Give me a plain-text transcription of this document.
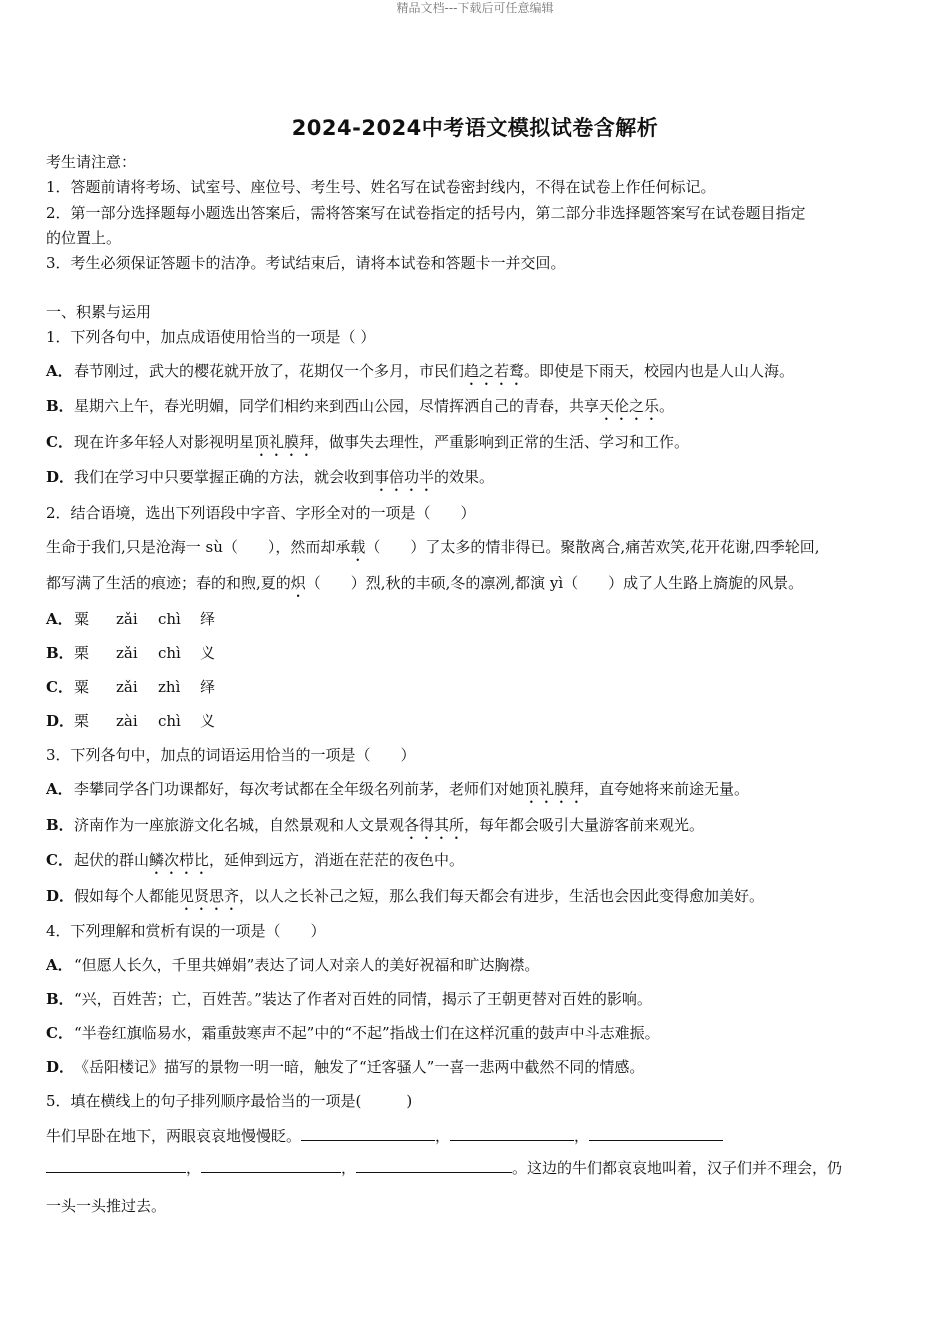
精品文档---下载后可任意编辑
2024-2024中考语文模拟试卷含解析
考生请注意：
1．答题前请将考场、试室号、座位号、考生号、姓名写在试卷密封线内，不得在试卷上作任何标记。
2．第一部分选择题每小题选出答案后，需将答案写在试卷指定的括号内，第二部分非选择题答案写在试卷题目指定
的位置上。
3．考生必须保证答题卡的洁净。考试结束后，请将本试卷和答题卡一并交回。
一、积累与运用
1．下列各句中，加点成语使用恰当的一项是（ ）
A．春节刚过，武大的樱花就开放了，花期仅一个多月，市民们趋之若鹜。即使是下雨天，校园内也是人山人海。
B．星期六上午，春光明媚，同学们相约来到西山公园，尽情挥洒自己的青春，共享天伦之乐。
C．现在许多年轻人对影视明星顶礼膜拜，做事失去理性，严重影响到正常的生活、学习和工作。
D．我们在学习中只要掌握正确的方法，就会收到事倍功半的效果。
2．结合语境，选出下列语段中字音、字形全对的一项是（　　）
生命于我们,只是沧海一 sù（　　），然而却承载（　　）了太多的情非得已。聚散离合,痛苦欢笑,花开花谢,四季轮回,
都写满了生活的痕迹；春的和煦,夏的炽（　　）烈,秋的丰硕,冬的凛冽,都演 yì（　　）成了人生路上旖旎的风景。
A．粟 zǎi chì 绎
B．栗 zǎi chì 义
C．粟 zǎi zhì 绎
D．栗 zài chì 义
3．下列各句中，加点的词语运用恰当的一项是（　　）
A．李攀同学各门功课都好，每次考试都在全年级名列前茅，老师们对她顶礼膜拜，直夸她将来前途无量。
B．济南作为一座旅游文化名城，自然景观和人文景观各得其所，每年都会吸引大量游客前来观光。
C．起伏的群山鳞次栉比，延伸到远方，消逝在茫茫的夜色中。
D．假如每个人都能见贤思齐，以人之长补己之短，那么我们每天都会有进步，生活也会因此变得愈加美好。
4．下列理解和赏析有误的一项是（　　）
A．“但愿人长久，千里共婵娟”表达了词人对亲人的美好祝福和旷达胸襟。
B．“兴，百姓苦；亡，百姓苦。”装达了作者对百姓的同情，揭示了王朝更替对百姓的影响。
C．“半卷红旗临易水，霜重鼓寒声不起”中的“不起”指战士们在这样沉重的鼓声中斗志难振。
D．《岳阳楼记》描写的景物一明一暗，触发了“迁客骚人”一喜一悲两中截然不同的情感。
5．填在横线上的句子排列顺序最恰当的一项是(　　　)
牛们早卧在地下，两眼哀哀地慢慢眨。	，	，
，	，	。这边的牛们都哀哀地叫着，汉子们并不理会，仍
一头一头推过去。
